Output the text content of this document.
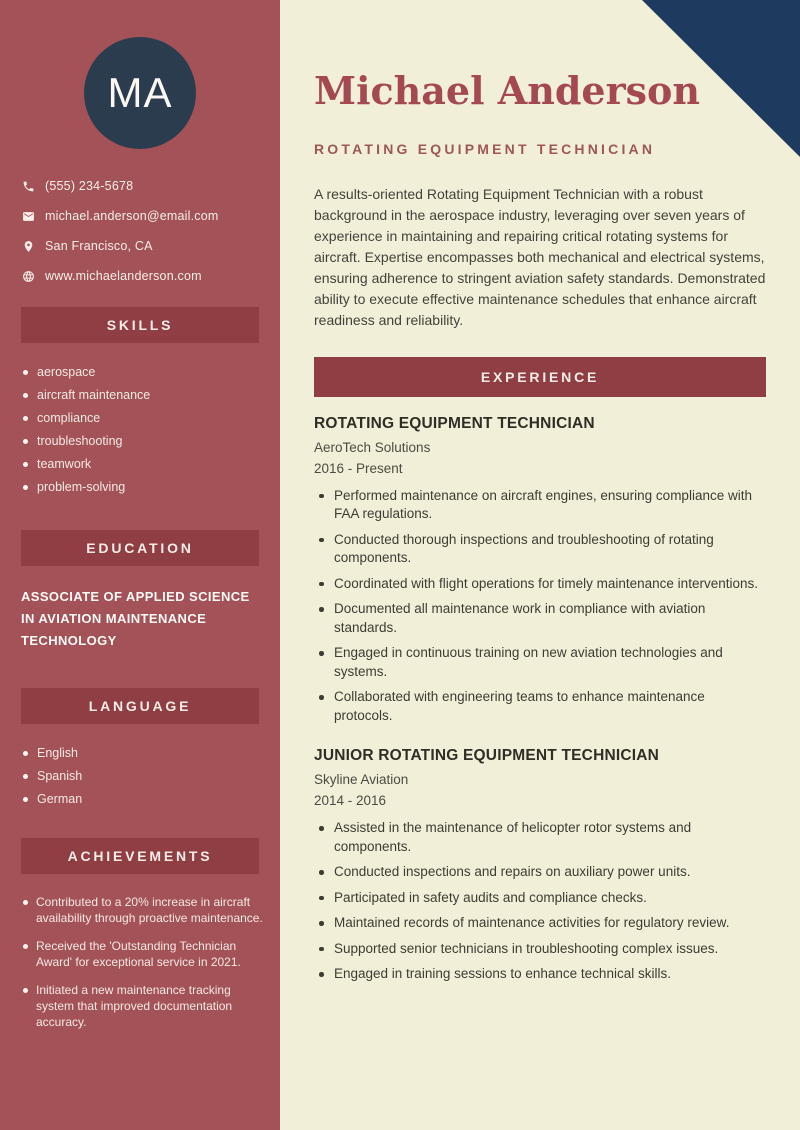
MA
(555) 234-5678
michael.anderson@email.com
San Francisco, CA
www.michaelanderson.com
SKILLS
aerospace
aircraft maintenance
compliance
troubleshooting
teamwork
problem-solving
EDUCATION
ASSOCIATE OF APPLIED SCIENCE IN AVIATION MAINTENANCE TECHNOLOGY
LANGUAGE
English
Spanish
German
ACHIEVEMENTS
Contributed to a 20% increase in aircraft availability through proactive maintenance.
Received the 'Outstanding Technician Award' for exceptional service in 2021.
Initiated a new maintenance tracking system that improved documentation accuracy.
Michael Anderson
ROTATING EQUIPMENT TECHNICIAN

A results-oriented Rotating Equipment Technician with a robust background in the aerospace industry, leveraging over seven years of experience in maintaining and repairing critical rotating systems for aircraft. Expertise encompasses both mechanical and electrical systems, ensuring adherence to stringent aviation safety standards. Demonstrated ability to execute effective maintenance schedules that enhance aircraft readiness and reliability.

EXPERIENCE
ROTATING EQUIPMENT TECHNICIAN
AeroTech Solutions
2016 - Present
Performed maintenance on aircraft engines, ensuring compliance with FAA regulations.
Conducted thorough inspections and troubleshooting of rotating components.
Coordinated with flight operations for timely maintenance interventions.
Documented all maintenance work in compliance with aviation standards.
Engaged in continuous training on new aviation technologies and systems.
Collaborated with engineering teams to enhance maintenance protocols.
JUNIOR ROTATING EQUIPMENT TECHNICIAN
Skyline Aviation
2014 - 2016
Assisted in the maintenance of helicopter rotor systems and components.
Conducted inspections and repairs on auxiliary power units.
Participated in safety audits and compliance checks.
Maintained records of maintenance activities for regulatory review.
Supported senior technicians in troubleshooting complex issues.
Engaged in training sessions to enhance technical skills.
